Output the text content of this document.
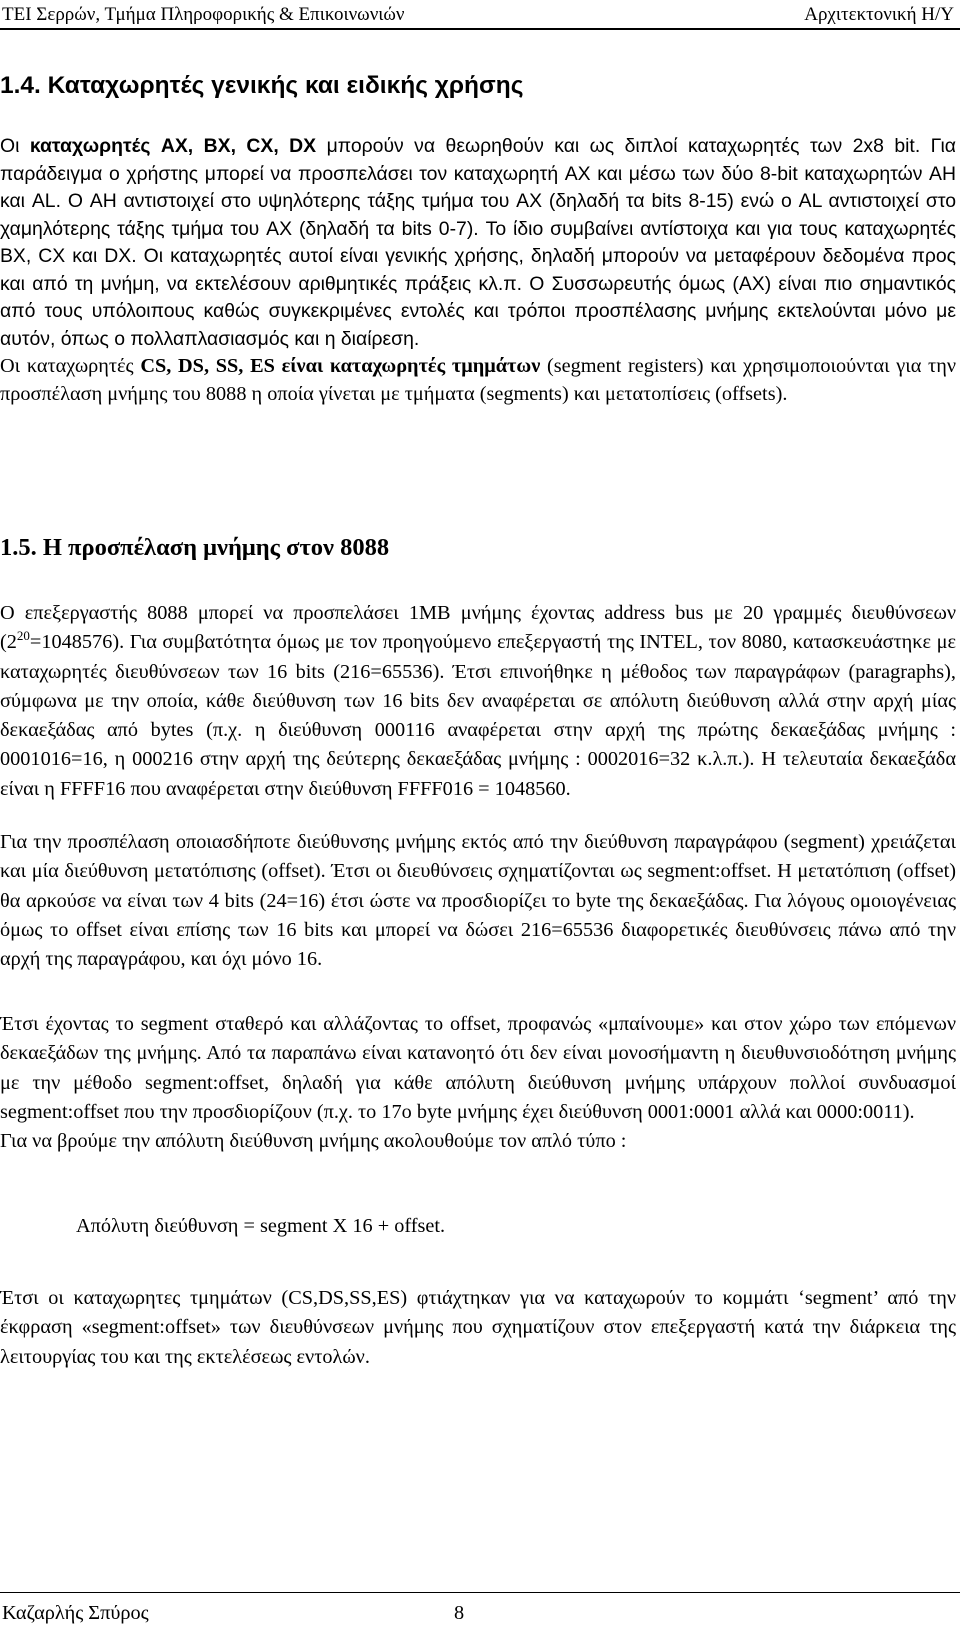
ΤΕΙ Σερρών, Τμήμα Πληροφορικής & Επικοινωνιών	Αρχιτεκτονική Η/Υ
1.4. Καταχωρητές γενικής και ειδικής χρήσης
Οι καταχωρητές AX, BX, CX, DX μπορούν να θεωρηθούν και ως διπλοί καταχωρητές των 2x8 bit. Για παράδειγμα ο χρήστης μπορεί να προσπελάσει τον καταχωρητή AX και μέσω των δύο 8-bit καταχωρητών AH και AL. Ο AH αντιστοιχεί στο υψηλότερης τάξης τμήμα του AX (δηλαδή τα bits 8-15) ενώ ο AL αντιστοιχεί στο χαμηλότερης τάξης τμήμα του AX (δηλαδή τα bits 0-7). Το ίδιο συμβαίνει αντίστοιχα και για τους καταχωρητές BX, CX και DX. Οι καταχωρητές αυτοί είναι γενικής χρήσης, δηλαδή μπορούν να μεταφέρουν δεδομένα προς και από τη μνήμη, να εκτελέσουν αριθμητικές πράξεις κλ.π. Ο Συσσωρευτής όμως (AX) είναι πιο σημαντικός από τους υπόλοιπους καθώς συγκεκριμένες εντολές και τρόποι προσπέλασης μνήμης εκτελούνται μόνο με αυτόν, όπως ο πολλαπλασιασμός και η διαίρεση.
Οι καταχωρητές CS, DS, SS, ES είναι καταχωρητές τμημάτων (segment registers) και χρησιμοποιούνται για την προσπέλαση μνήμης του 8088 η οποία γίνεται με τμήματα (segments) και μετατοπίσεις (offsets).
1.5. Η προσπέλαση μνήμης στον 8088
Ο επεξεργαστής 8088 μπορεί να προσπελάσει 1MB μνήμης έχοντας address bus με 20 γραμμές διευθύνσεων $(2^{20}=1048576)$. Για συμβατότητα όμως με τον προηγούμενο επεξεργαστή της INTEL, τον 8080, κατασκευάστηκε με καταχωρητές διευθύνσεων των 16 bits (216=65536). Έτσι επινοήθηκε η μέθοδος των παραγράφων (paragraphs), σύμφωνα με την οποία, κάθε διεύθυνση των 16 bits δεν αναφέρεται σε απόλυτη διεύθυνση αλλά στην αρχή μίας δεκαεξάδας από bytes (π.χ. η διεύθυνση 000116 αναφέρεται στην αρχή της πρώτης δεκαεξάδας μνήμης : 0001016=16, η 000216 στην αρχή της δεύτερης δεκαεξάδας μνήμης : 0002016=32 κ.λ.π.). Η τελευταία δεκαεξάδα είναι η FFFF16 που αναφέρεται στην διεύθυνση FFFF016 = 1048560.
Για την προσπέλαση οποιασδήποτε διεύθυνσης μνήμης εκτός από την διεύθυνση παραγράφου (segment) χρειάζεται και μία διεύθυνση μετατόπισης (offset). Έτσι οι διευθύνσεις σχηματίζονται ως segment:offset. Η μετατόπιση (offset) θα αρκούσε να είναι των 4 bits (24=16) έτσι ώστε να προσδιορίζει το byte της δεκαεξάδας. Για λόγους ομοιογένειας όμως το offset είναι επίσης των 16 bits και μπορεί να δώσει 216=65536 διαφορετικές διευθύνσεις πάνω από την αρχή της παραγράφου, και όχι μόνο 16.
Έτσι έχοντας το segment σταθερό και αλλάζοντας το offset, προφανώς «μπαίνουμε» και στον χώρο των επόμενων δεκαεξάδων της μνήμης. Από τα παραπάνω είναι κατανοητό ότι δεν είναι μονοσήμαντη η διευθυνσιοδότηση μνήμης με την μέθοδο segment:offset, δηλαδή για κάθε απόλυτη διεύθυνση μνήμης υπάρχουν πολλοί συνδυασμοί segment:offset που την προσδιορίζουν (π.χ. το 17ο byte μνήμης έχει διεύθυνση 0001:0001 αλλά και 0000:0011).
Για να βρούμε την απόλυτη διεύθυνση μνήμης ακολουθούμε τον απλό τύπο :
Απόλυτη διεύθυνση = segment X 16 + offset.
Έτσι οι καταχωρητες τμημάτων (CS,DS,SS,ES) φτιάχτηκαν για να καταχωρούν το κομμάτι ‘segment’ από την έκφραση «segment:offset» των διευθύνσεων μνήμης που σχηματίζουν στον επεξεργαστή κατά την διάρκεια της λειτουργίας του και της εκτελέσεως εντολών.
Καζαρλής Σπύρος	8
